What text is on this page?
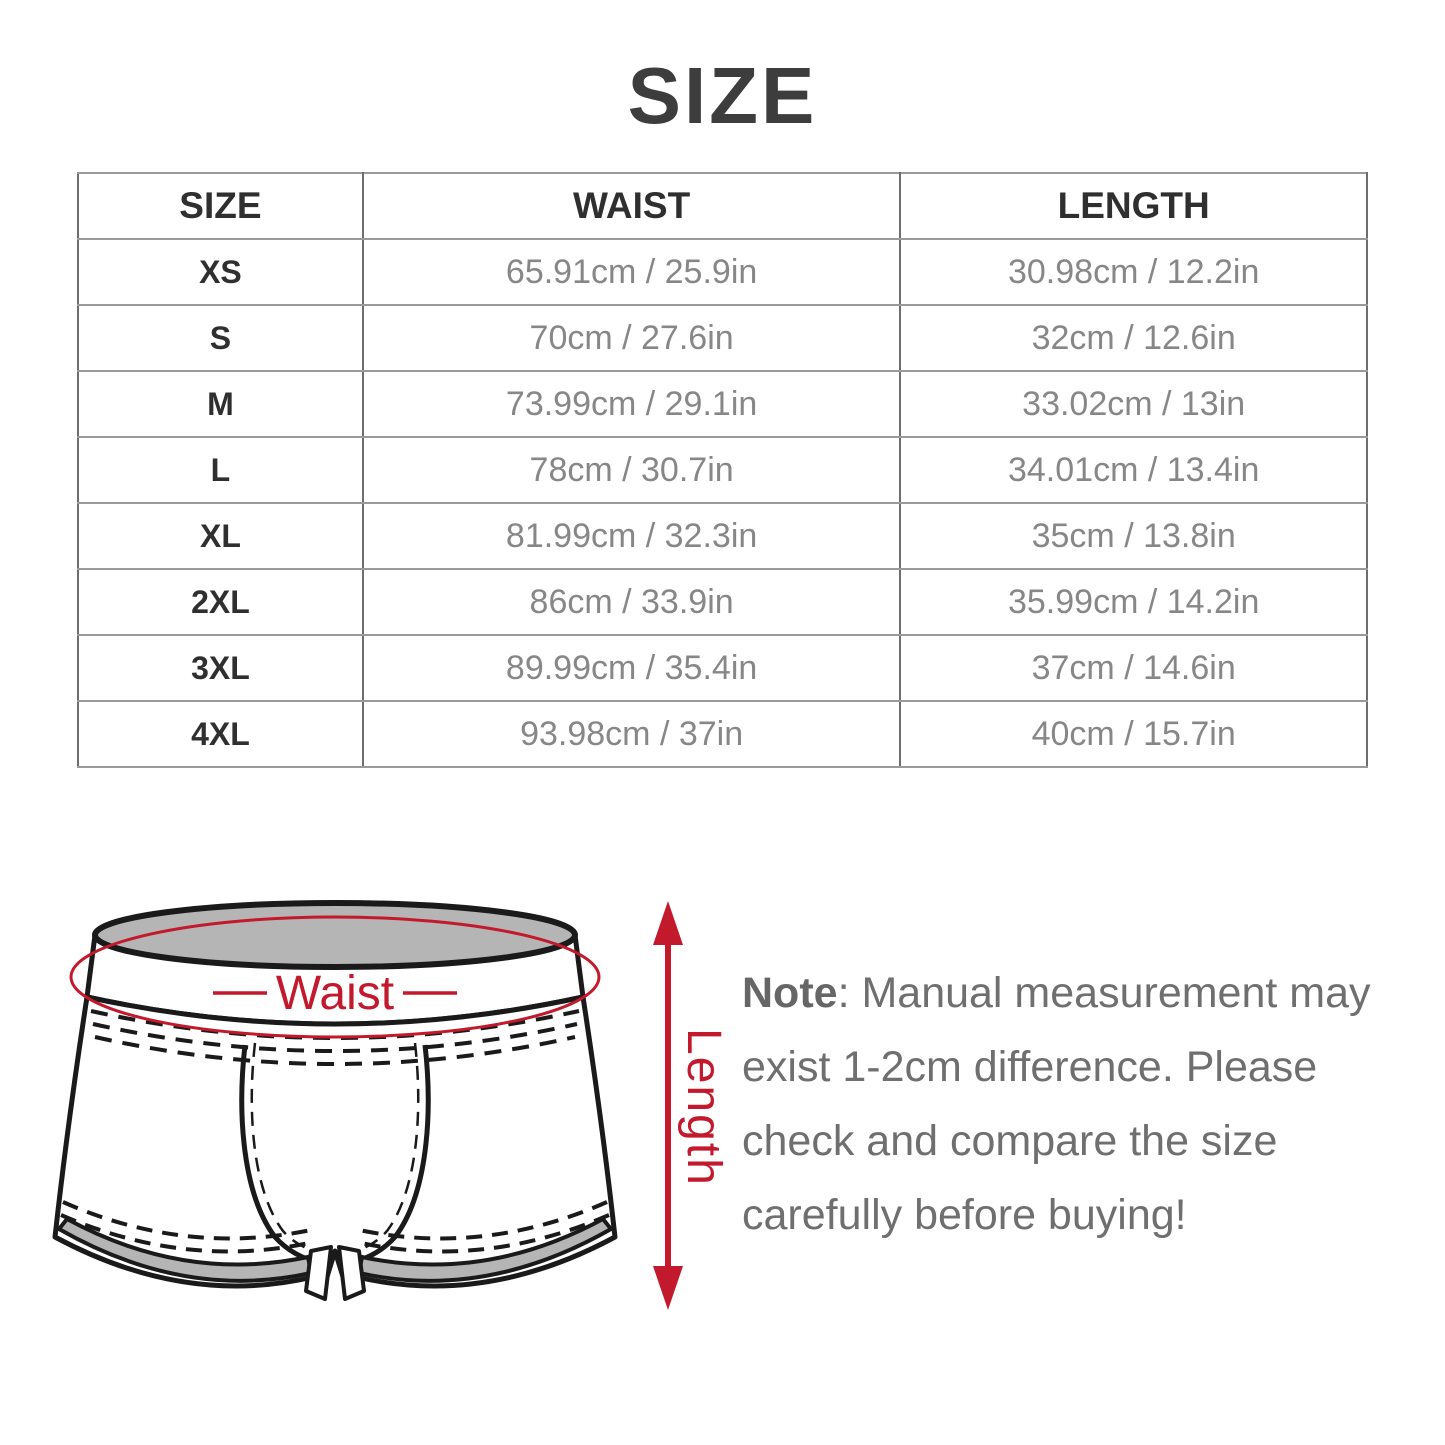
SIZE
SIZE	WAIST	LENGTH
XS	65.91cm / 25.9in	30.98cm / 12.2in
S	70cm / 27.6in	32cm / 12.6in
M	73.99cm / 29.1in	33.02cm / 13in
L	78cm / 30.7in	34.01cm / 13.4in
XL	81.99cm / 32.3in	35cm / 13.8in
2XL	86cm / 33.9in	35.99cm / 14.2in
3XL	89.99cm / 35.4in	37cm / 14.6in
4XL	93.98cm / 37in	40cm / 15.7in
Waist
Length
Note: Manual measurement may exist 1-2cm difference. Please check and compare the size carefully before buying!
